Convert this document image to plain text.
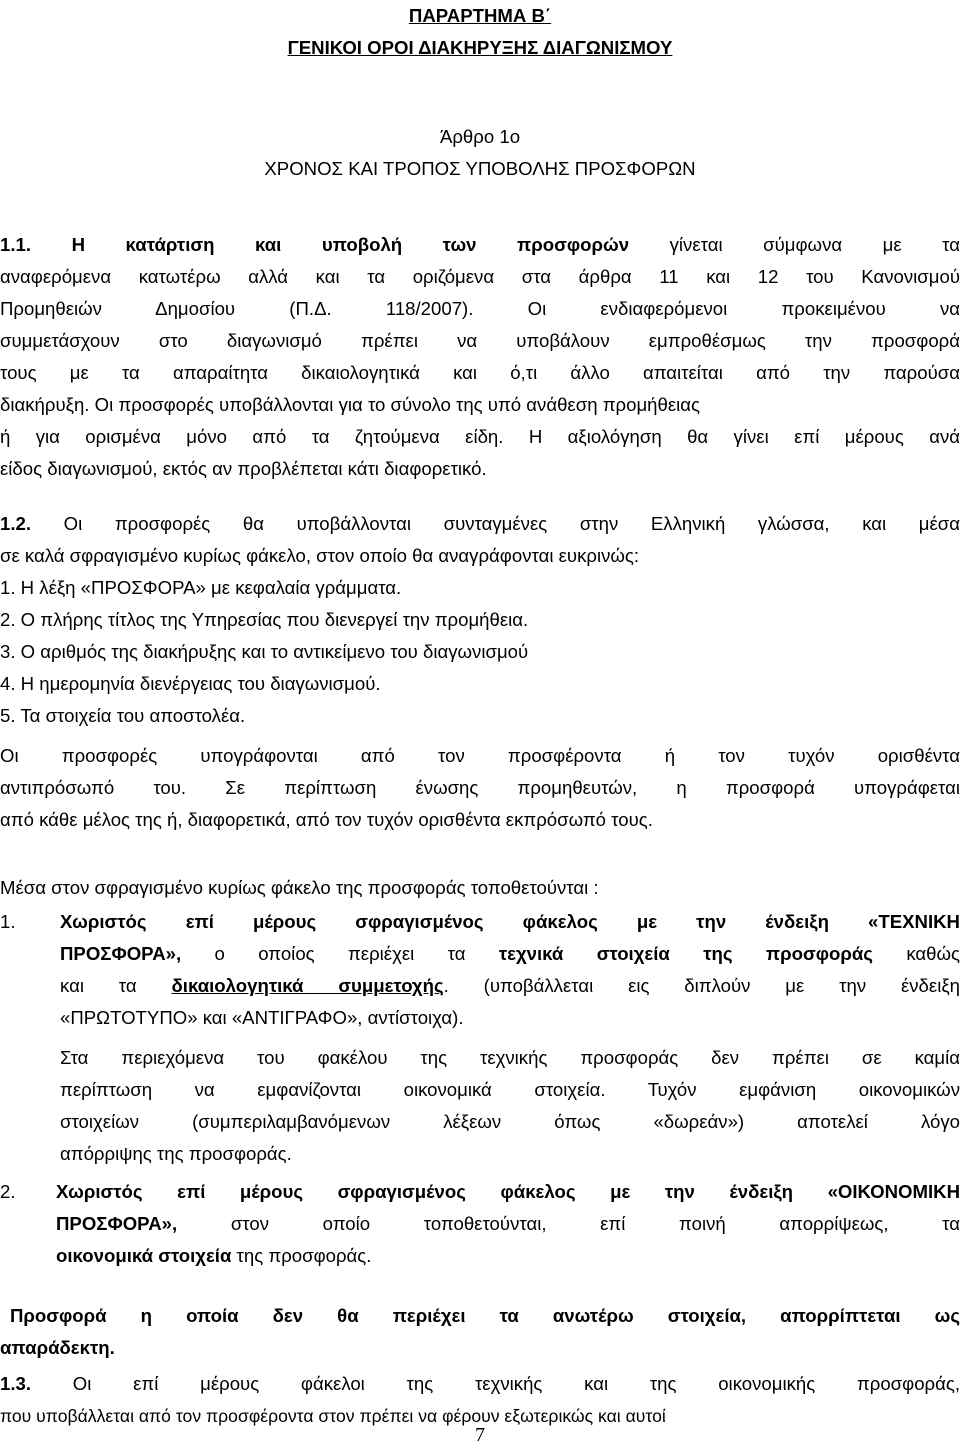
ΠΑΡΑΡΤΗΜΑ Β΄
ΓΕΝΙΚΟΙ ΟΡΟΙ ΔΙΑΚΗΡΥΞΗΣ ΔΙΑΓΩΝΙΣΜΟΥ
Άρθρο 1ο
ΧΡΟΝΟΣ ΚΑΙ ΤΡΟΠΟΣ ΥΠΟΒΟΛΗΣ ΠΡΟΣΦΟΡΩΝ
1.1. Η κατάρτιση και υποβολή των προσφορών γίνεται σύμφωνα με τα
αναφερόμενα κατωτέρω αλλά και τα οριζόμενα στα άρθρα 11 και 12 του Κανονισμού
Προμηθειών Δημοσίου (Π.Δ. 118/2007).	Οι ενδιαφερόμενοι προκειμένου να
συμμετάσχουν στο διαγωνισμό πρέπει να υποβάλουν εμπροθέσμως την προσφορά
τους με τα απαραίτητα δικαιολογητικά και ό,τι άλλο απαιτείται από την παρούσα
διακήρυξη. Οι προσφορές υποβάλλονται για το σύνολο της υπό ανάθεση προμήθειας
ή για ορισμένα μόνο από τα ζητούμενα είδη. Η αξιολόγηση θα γίνει επί μέρους ανά
είδος διαγωνισμού, εκτός αν προβλέπεται κάτι διαφορετικό.
1.2. Οι προσφορές θα υποβάλλονται συνταγμένες στην Ελληνική γλώσσα, και μέσα
σε καλά σφραγισμένο κυρίως φάκελο, στον οποίο θα αναγράφονται ευκρινώς:
1. Η λέξη «ΠΡΟΣΦΟΡΑ» με κεφαλαία γράμματα.
2. Ο πλήρης τίτλος της Υπηρεσίας που διενεργεί την προμήθεια.
3. Ο αριθμός της διακήρυξης και το αντικείμενο του διαγωνισμού
4. Η ημερομηνία διενέργειας του διαγωνισμού.
5. Τα στοιχεία του αποστολέα.
Οι προσφορές υπογράφονται από τον προσφέροντα ή τον τυχόν ορισθέντα
αντιπρόσωπό του. Σε περίπτωση ένωσης προμηθευτών, η προσφορά υπογράφεται
από κάθε μέλος της ή, διαφορετικά, από τον τυχόν ορισθέντα εκπρόσωπό τους.
Μέσα στον σφραγισμένο κυρίως φάκελο της προσφοράς τοποθετούνται :
1. Χωριστός επί μέρους σφραγισμένος φάκελος με την ένδειξη «ΤΕΧΝΙΚΗ
ΠΡΟΣΦΟΡΑ», ο οποίος περιέχει τα τεχνικά στοιχεία της προσφοράς καθώς
και τα δικαιολογητικά συμμετοχής. (υποβάλλεται εις διπλούν με την ένδειξη
«ΠΡΩΤΟΤΥΠΟ» και «ΑΝΤΙΓΡΑΦΟ», αντίστοιχα).
Στα περιεχόμενα του φακέλου της τεχνικής προσφοράς δεν πρέπει σε καμία
περίπτωση να εμφανίζονται οικονομικά στοιχεία. Τυχόν εμφάνιση οικονομικών
στοιχείων (συμπεριλαμβανόμενων λέξεων όπως «δωρεάν») αποτελεί λόγο
απόρριψης της προσφοράς.
2. Χωριστός επί μέρους σφραγισμένος φάκελος με την ένδειξη «ΟΙΚΟΝΟΜΙΚΗ
ΠΡΟΣΦΟΡΑ»,	στον οποίο τοποθετούνται, επί ποινή απορρίψεως, τα
οικονομικά στοιχεία της προσφοράς.
Προσφορά η οποία δεν θα περιέχει τα ανωτέρω στοιχεία, απορρίπτεται ως
απαράδεκτη.
1.3. Οι επί μέρους φάκελοι της τεχνικής και της οικονομικής προσφοράς,
που υποβάλλεται από τον προσφέροντα στον πρέπει να φέρουν εξωτερικώς και αυτοί
7
